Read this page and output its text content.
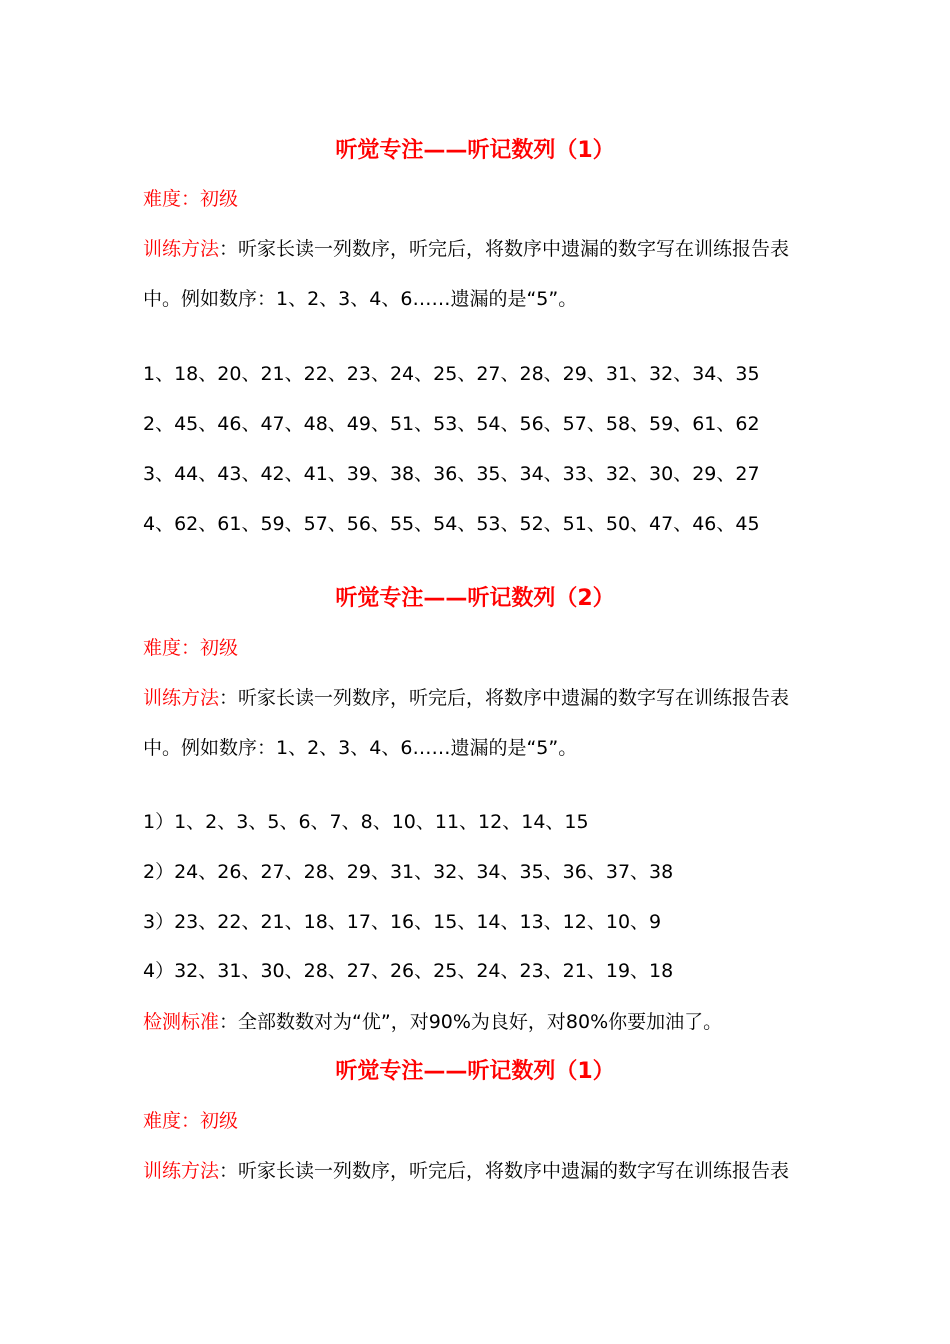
听觉专注——听记数列（1）
难度：初级
训练方法：听家长读一列数序，听完后，将数序中遗漏的数字写在训练报告表
中。例如数序：1、2、3、4、6……遗漏的是“5”。
1、18、20、21、22、23、24、25、27、28、29、31、32、34、35
2、45、46、47、48、49、51、53、54、56、57、58、59、61、62
3、44、43、42、41、39、38、36、35、34、33、32、30、29、27
4、62、61、59、57、56、55、54、53、52、51、50、47、46、45
听觉专注——听记数列（2）
难度：初级
训练方法：听家长读一列数序，听完后，将数序中遗漏的数字写在训练报告表
中。例如数序：1、2、3、4、6……遗漏的是“5”。
1）1、2、3、5、6、7、8、10、11、12、14、15
2）24、26、27、28、29、31、32、34、35、36、37、38
3）23、22、21、18、17、16、15、14、13、12、10、9
4）32、31、30、28、27、26、25、24、23、21、19、18
检测标准：全部数数对为“优”，对90%为良好，对80%你要加油了。
听觉专注——听记数列（1）
难度：初级
训练方法：听家长读一列数序，听完后，将数序中遗漏的数字写在训练报告表
